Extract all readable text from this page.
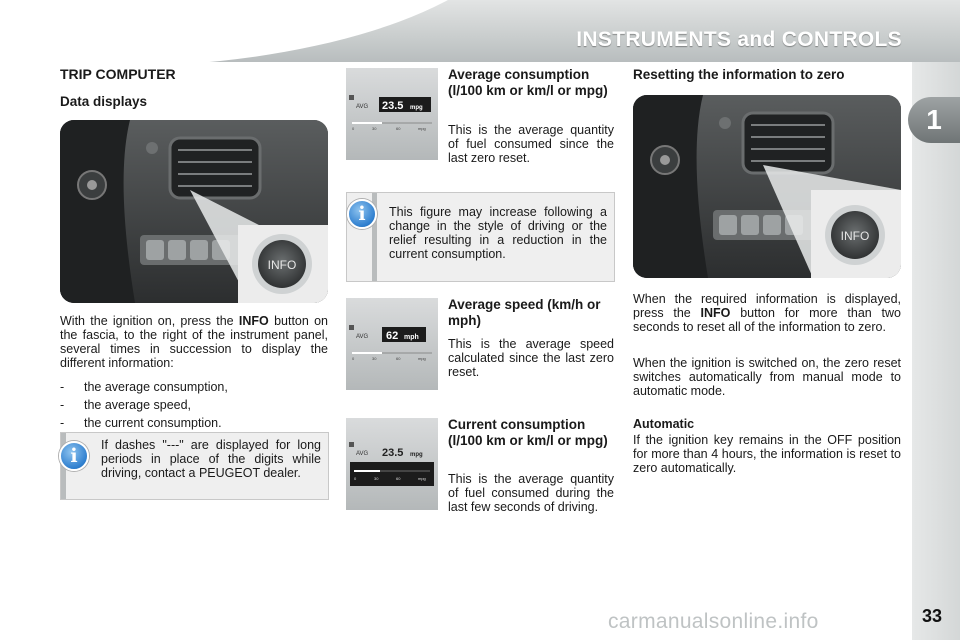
INSTRUMENTS and CONTROLS
1
TRIP COMPUTER
Data displays
INFO
With the ignition on, press the INFO button on the fascia, to the right of the instrument panel, several times in succession to display the different information:
-	the average consumption,
-	the average speed,
-	the current consumption.
i	If dashes "---" are displayed for long periods in place of the digits while driving, contact a PEUGEOT dealer.
AVG 23.5 mpg
0	30	60	mpg
Average consumption (l/100 km or km/l or mpg)
This is the average quantity of fuel consumed since the last zero reset.
i	This figure may increase following a change in the style of driving or the relief resulting in a reduction in the current consumption.
AVG 62 mph
0	30	60	mpg
Average speed (km/h or mph)
This is the average speed calculated since the last zero reset.
AVG 23.5 mpg
0	30	60	mpg
Current consumption (l/100 km or km/l or mpg)
This is the average quantity of fuel consumed during the last few seconds of driving.
Resetting the information to zero
INFO
When the required information is displayed, press the INFO button for more than two seconds to reset all of the information to zero.
When the ignition is switched on, the zero reset switches automatically from manual mode to automatic mode.
Automatic
If the ignition key remains in the OFF position for more than 4 hours, the information is reset to zero automatically.
carmanualsonline.info	33
